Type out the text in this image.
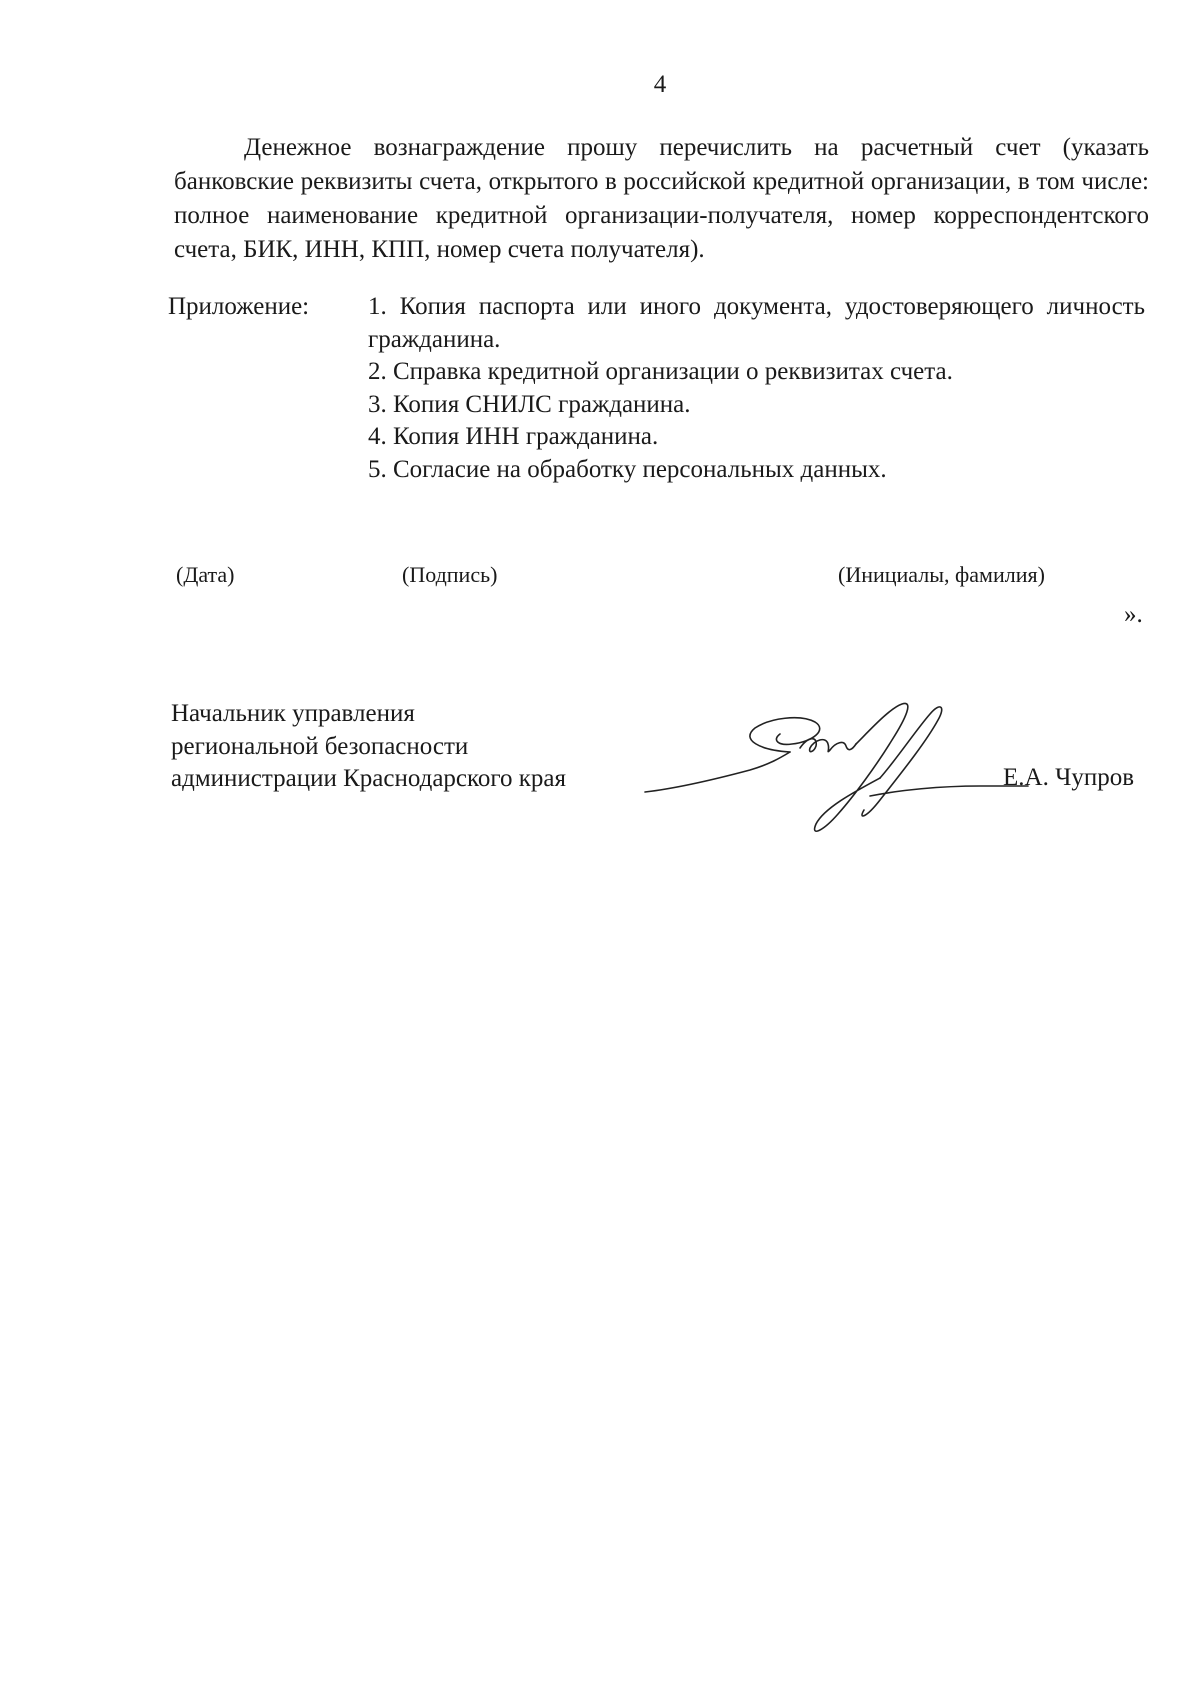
4

Денежное вознаграждение прошу перечислить на расчетный счет (указать банковские реквизиты счета, открытого в российской кредитной организации, в том числе: полное наименование кредитной организации-получателя, номер корреспондентского счета, БИК, ИНН, КПП, номер счета получателя).

Приложение: 1. Копия паспорта или иного документа, удостоверяющего личность гражданина.
2. Справка кредитной организации о реквизитах счета.
3. Копия СНИЛС гражданина.
4. Копия ИНН гражданина.
5. Согласие на обработку персональных данных.
(Дата)	(Подпись)	(Инициалы, фамилия)
».
Начальник управления
региональной безопасности
администрации Краснодарского края	Е.А. Чупров
